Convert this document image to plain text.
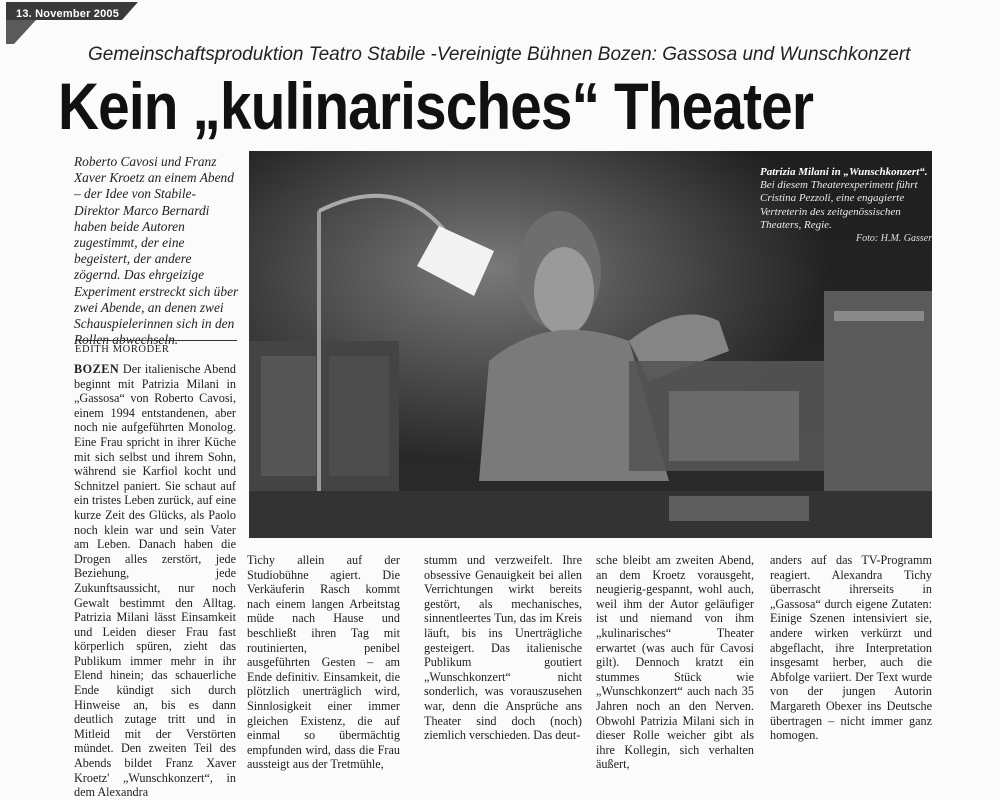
13. November 2005
Gemeinschaftsproduktion Teatro Stabile -Vereinigte Bühnen Bozen: Gassosa und Wunschkonzert
Kein „kulinarisches“ Theater
Roberto Cavosi und Franz Xaver Kroetz an einem Abend – der Idee von Stabile-Direktor Marco Bernardi haben beide Autoren zugestimmt, der eine begeistert, der andere zögernd. Das ehrgeizige Experiment erstreckt sich über zwei Abende, an denen zwei Schauspielerinnen sich in den Rollen abwechseln.
EDITH MORODER
BOZEN Der italienische Abend beginnt mit Patrizia Milani in „Gassosa“ von Roberto Cavosi, einem 1994 entstandenen, aber noch nie aufgeführten Monolog. Eine Frau spricht in ihrer Küche mit sich selbst und ihrem Sohn, während sie Karfiol kocht und Schnitzel paniert. Sie schaut auf ein tristes Leben zurück, auf eine kurze Zeit des Glücks, als Paolo noch klein war und sein Vater am Leben. Danach haben die Drogen alles zerstört, jede Beziehung, jede Zukunftsaussicht, nur noch Gewalt bestimmt den Alltag. Patrizia Milani lässt Einsamkeit und Leiden dieser Frau fast körperlich spüren, zieht das Publikum immer mehr in ihr Elend hinein; das schauerliche Ende kündigt sich durch Hinweise an, bis es dann deutlich zutage tritt und in Mitleid mit der Verstörten mündet. Den zweiten Teil des Abends bildet Franz Xaver Kroetz' „Wunschkonzert“, in dem Alexandra
Tichy allein auf der Studiobühne agiert. Die Verkäuferin Rasch kommt nach einem langen Arbeitstag müde nach Hause und beschließt ihren Tag mit routinierten, penibel ausgeführten Gesten – am Ende definitiv. Einsamkeit, die plötzlich unerträglich wird, Sinnlosigkeit einer immer gleichen Existenz, die auf einmal so übermächtig empfunden wird, dass die Frau aussteigt aus der Tretmühle,
stumm und verzweifelt. Ihre obsessive Genauigkeit bei allen Verrichtungen wirkt bereits gestört, als mechanisches, sinnentleertes Tun, das im Kreis läuft, bis ins Unerträgliche gesteigert. Das italienische Publikum goutiert „Wunschkonzert“ nicht sonderlich, was vorauszusehen war, denn die Ansprüche ans Theater sind doch (noch) ziemlich verschieden. Das deut-
sche bleibt am zweiten Abend, an dem Kroetz vorausgeht, neugierig-gespannt, wohl auch, weil ihm der Autor geläufiger ist und niemand von ihm „kulinarisches“ Theater erwartet (was auch für Cavosi gilt). Dennoch kratzt ein stummes Stück wie „Wunschkonzert“ auch nach 35 Jahren noch an den Nerven. Obwohl Patrizia Milani sich in dieser Rolle weicher gibt als ihre Kollegin, sich verhalten äußert,
anders auf das TV-Programm reagiert. Alexandra Tichy überrascht ihrerseits in „Gassosa“ durch eigene Zutaten: Einige Szenen intensiviert sie, andere wirken verkürzt und abgeflacht, ihre Interpretation insgesamt herber, auch die Abfolge variiert. Der Text wurde von der jungen Autorin Margareth Obexer ins Deutsche übertragen – nicht immer ganz homogen.
Patrizia Milani in „Wunschkonzert“. Bei diesem Theaterexperiment führt Cristina Pezzoli, eine engagierte Vertreterin des zeitgenössischen Theaters, Regie.
Foto: H.M. Gasser
